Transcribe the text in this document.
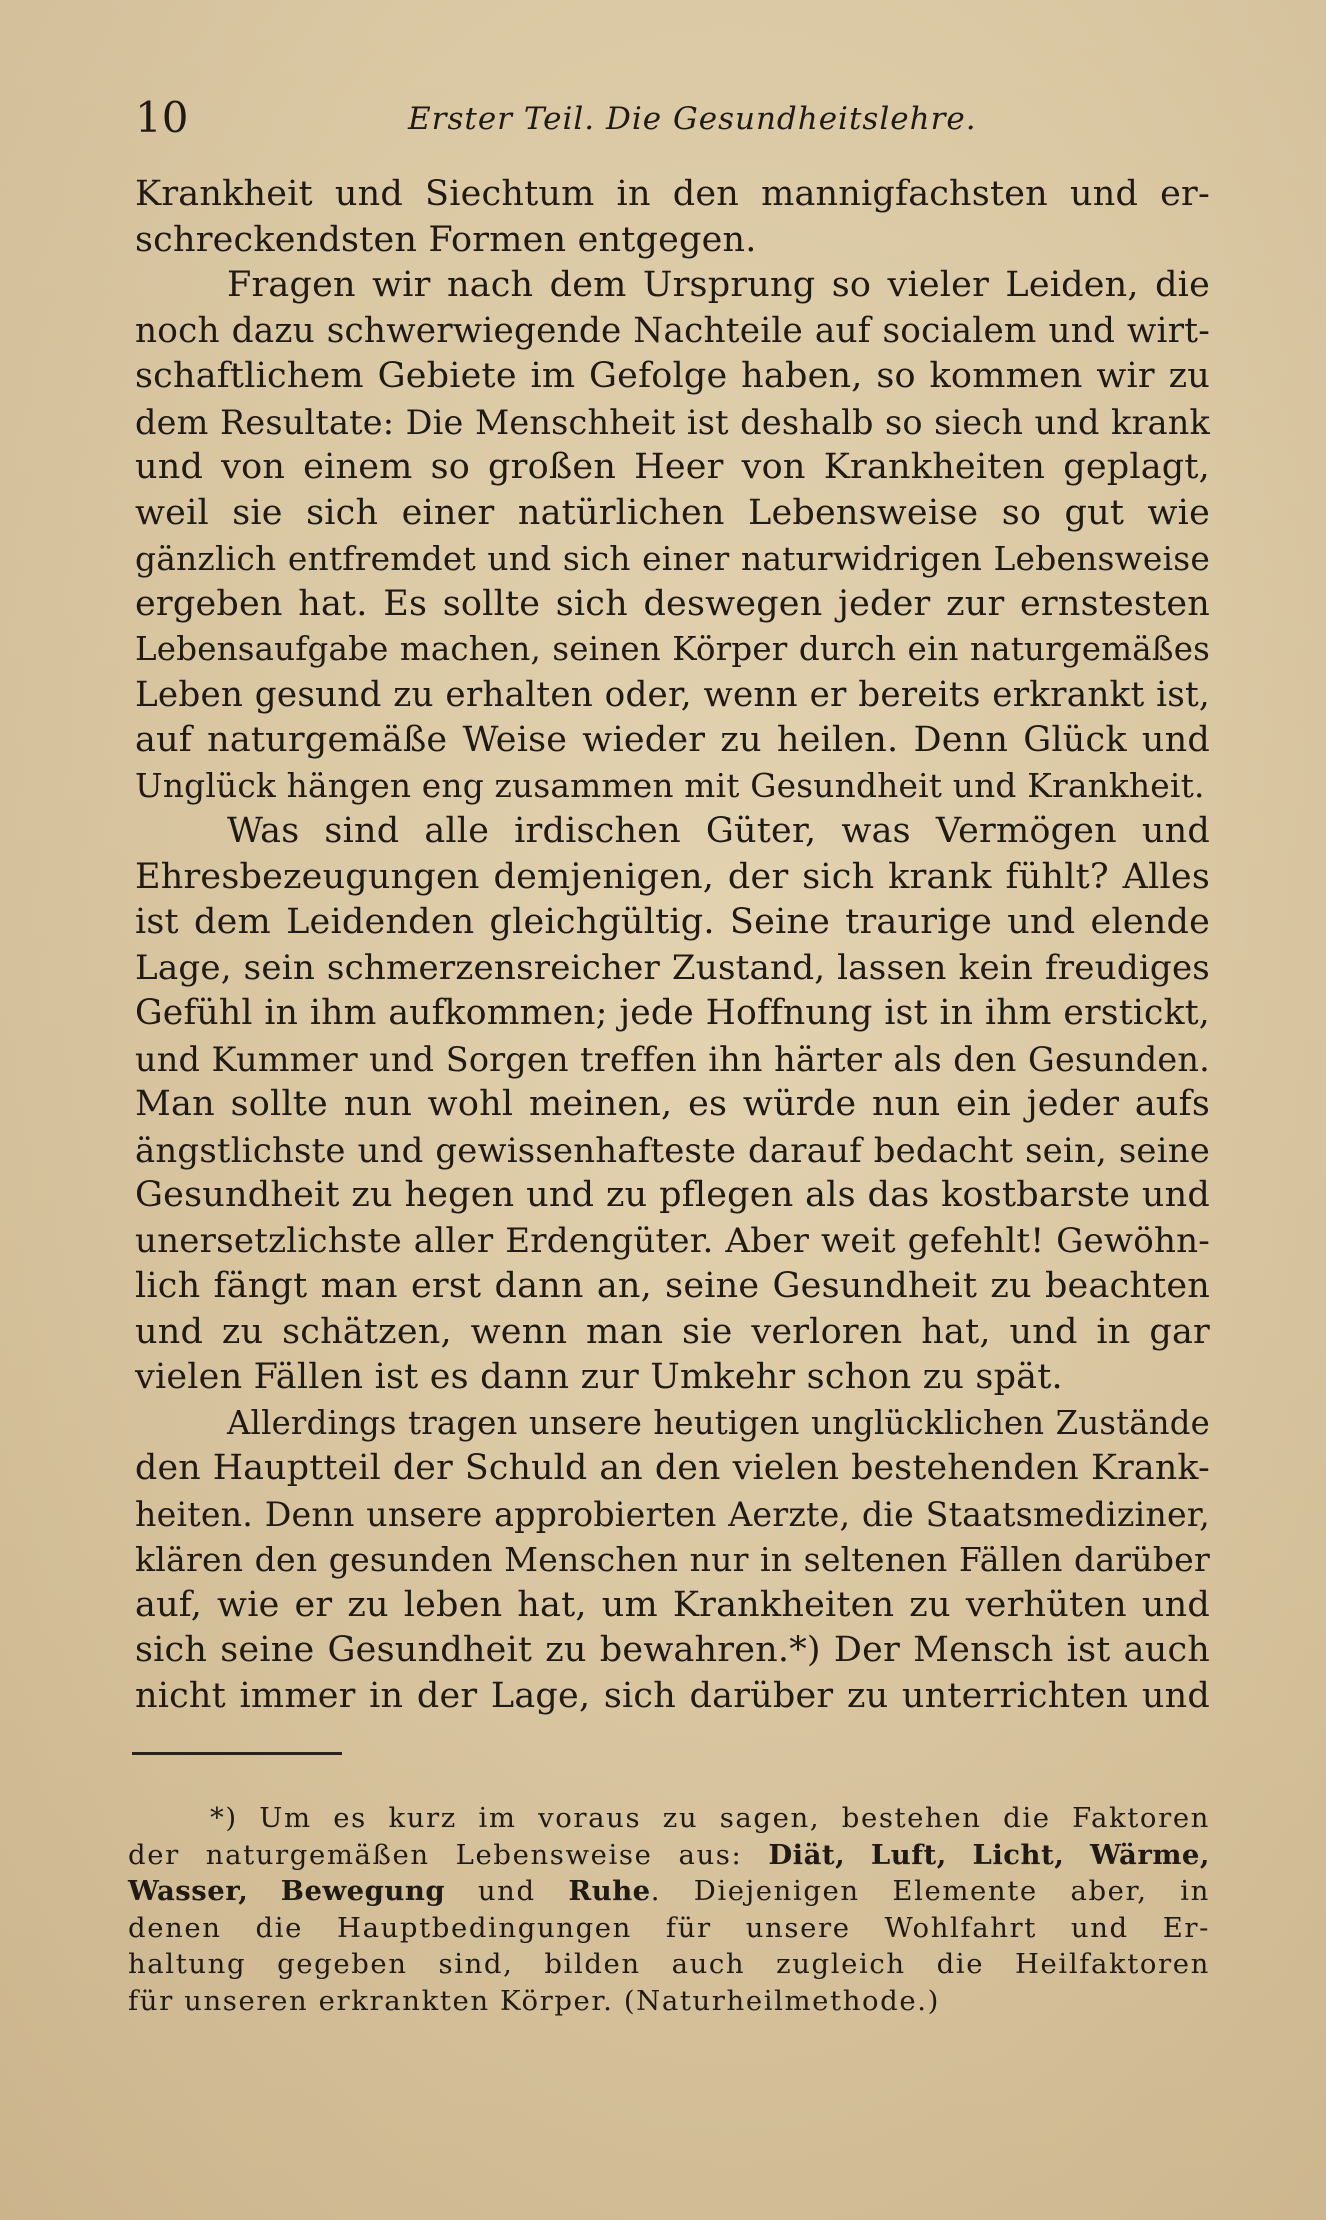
10	Erster Teil. Die Gesundheitslehre.
Krankheit und Siechtum in den mannigfachsten und er-
schreckendsten Formen entgegen.
Fragen wir nach dem Ursprung so vieler Leiden, die
noch dazu schwerwiegende Nachteile auf socialem und wirt-
schaftlichem Gebiete im Gefolge haben, so kommen wir zu
dem Resultate: Die Menschheit ist deshalb so siech und krank
und von einem so großen Heer von Krankheiten geplagt,
weil sie sich einer natürlichen Lebensweise so gut wie
gänzlich entfremdet und sich einer naturwidrigen Lebensweise
ergeben hat. Es sollte sich deswegen jeder zur ernstesten
Lebensaufgabe machen, seinen Körper durch ein naturgemäßes
Leben gesund zu erhalten oder, wenn er bereits erkrankt ist,
auf naturgemäße Weise wieder zu heilen. Denn Glück und
Unglück hängen eng zusammen mit Gesundheit und Krankheit.
Was sind alle irdischen Güter, was Vermögen und
Ehresbezeugungen demjenigen, der sich krank fühlt? Alles
ist dem Leidenden gleichgültig. Seine traurige und elende
Lage, sein schmerzensreicher Zustand, lassen kein freudiges
Gefühl in ihm aufkommen; jede Hoffnung ist in ihm erstickt,
und Kummer und Sorgen treffen ihn härter als den Gesunden.
Man sollte nun wohl meinen, es würde nun ein jeder aufs
ängstlichste und gewissenhafteste darauf bedacht sein, seine
Gesundheit zu hegen und zu pflegen als das kostbarste und
unersetzlichste aller Erdengüter. Aber weit gefehlt! Gewöhn-
lich fängt man erst dann an, seine Gesundheit zu beachten
und zu schätzen, wenn man sie verloren hat, und in gar
vielen Fällen ist es dann zur Umkehr schon zu spät.
Allerdings tragen unsere heutigen unglücklichen Zustände
den Hauptteil der Schuld an den vielen bestehenden Krank-
heiten. Denn unsere approbierten Aerzte, die Staatsmediziner,
klären den gesunden Menschen nur in seltenen Fällen darüber
auf, wie er zu leben hat, um Krankheiten zu verhüten und
sich seine Gesundheit zu bewahren.*) Der Mensch ist auch
nicht immer in der Lage, sich darüber zu unterrichten und
*) Um es kurz im voraus zu sagen, bestehen die Faktoren
der naturgemäßen Lebensweise aus: Diät, Luft, Licht, Wärme,
Wasser, Bewegung und Ruhe. Diejenigen Elemente aber, in
denen die Hauptbedingungen für unsere Wohlfahrt und Er-
haltung gegeben sind, bilden auch zugleich die Heilfaktoren
für unseren erkrankten Körper. (Naturheilmethode.)
